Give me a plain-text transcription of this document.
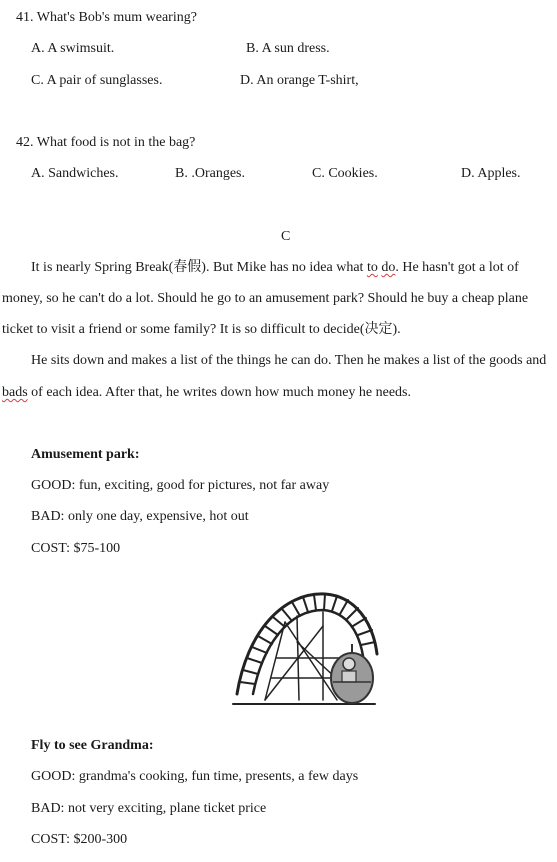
41. What's Bob's mum wearing?
A. A swimsuit.	B. A sun dress.
C. A pair of sunglasses.	D. An orange T-shirt,
42. What food is not in the bag?
A. Sandwiches.	B. .Oranges.	C. Cookies.	D. Apples.
C
It is nearly Spring Break(春假). But Mike has no idea what to do. He hasn't got a lot of
money, so he can't do a lot. Should he go to an amusement park? Should he buy a cheap plane
ticket to visit a friend or some family? It is so difficult to decide(决定).
He sits down and makes a list of the things he can do. Then he makes a list of the goods and
bads of each idea. After that, he writes down how much money he needs.
Amusement park:
GOOD: fun, exciting, good for pictures, not far away
BAD: only one day, expensive, hot out
COST: $75-100
Fly to see Grandma:
GOOD: grandma's cooking, fun time, presents, a few days
BAD: not very exciting, plane ticket price
COST: $200-300
